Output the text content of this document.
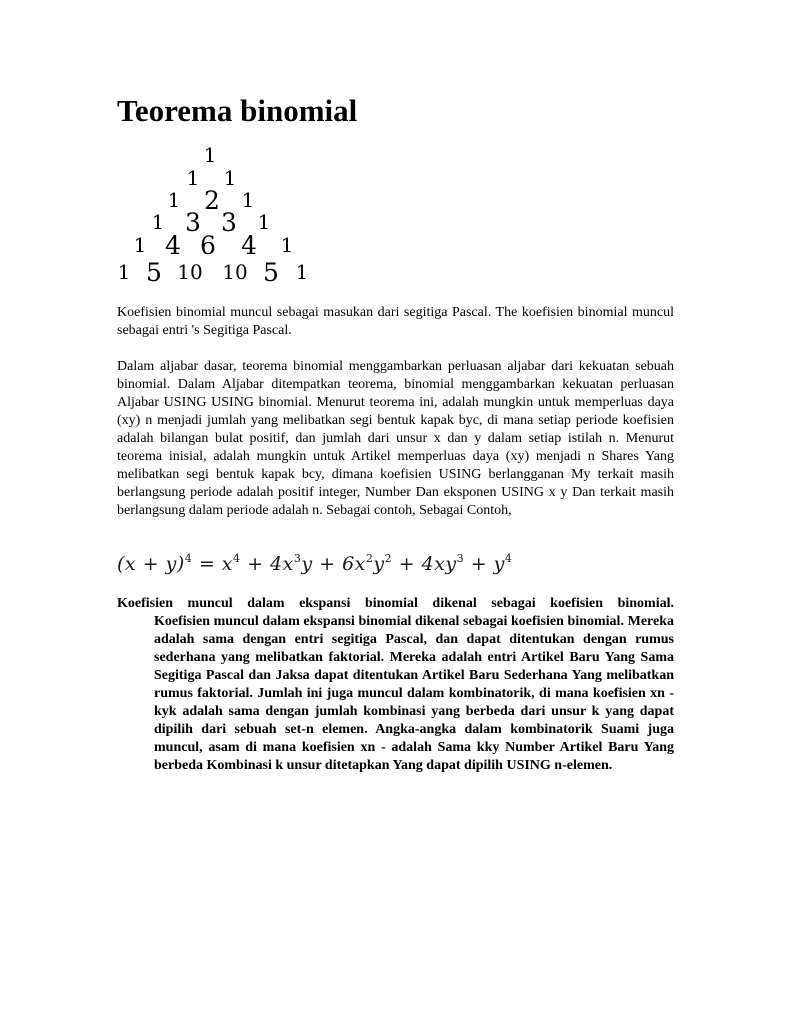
Teorema binomial
1
1 1
1 2 1
1 3 3 1
1 4 6 4 1
1 5 10 10 5 1

Koefisien binomial muncul sebagai masukan dari segitiga Pascal. The koefisien binomial muncul sebagai entri 's Segitiga Pascal.

Dalam aljabar dasar, teorema binomial menggambarkan perluasan aljabar dari kekuatan sebuah binomial. Dalam Aljabar ditempatkan teorema, binomial menggambarkan kekuatan perluasan Aljabar USING USING binomial. Menurut teorema ini, adalah mungkin untuk memperluas daya (xy) n menjadi jumlah yang melibatkan segi bentuk kapak byc, di mana setiap periode koefisien adalah bilangan bulat positif, dan jumlah dari unsur x dan y dalam setiap istilah n. Menurut teorema inisial, adalah mungkin untuk Artikel memperluas daya (xy) menjadi n Shares Yang melibatkan segi bentuk kapak bcy, dimana koefisien USING berlangganan My terkait masih berlangsung periode adalah positif integer, Number Dan eksponen USING x y Dan terkait masih berlangsung dalam periode adalah n. Sebagai contoh, Sebagai Contoh,

$(x + y)^4 = x^4 + 4x^3y + 6x^2y^2 + 4xy^3 + y^4$

Koefisien muncul dalam ekspansi binomial dikenal sebagai koefisien binomial.
Koefisien muncul dalam ekspansi binomial dikenal sebagai koefisien binomial. Mereka adalah sama dengan entri segitiga Pascal, dan dapat ditentukan dengan rumus sederhana yang melibatkan faktorial. Mereka adalah entri Artikel Baru Yang Sama Segitiga Pascal dan Jaksa dapat ditentukan Artikel Baru Sederhana Yang melibatkan rumus faktorial. Jumlah ini juga muncul dalam kombinatorik, di mana koefisien xn - kyk adalah sama dengan jumlah kombinasi yang berbeda dari unsur k yang dapat dipilih dari sebuah set-n elemen. Angka-angka dalam kombinatorik Suami juga muncul, asam di mana koefisien xn - adalah Sama kky Number Artikel Baru Yang berbeda Kombinasi k unsur ditetapkan Yang dapat dipilih USING n-elemen.
